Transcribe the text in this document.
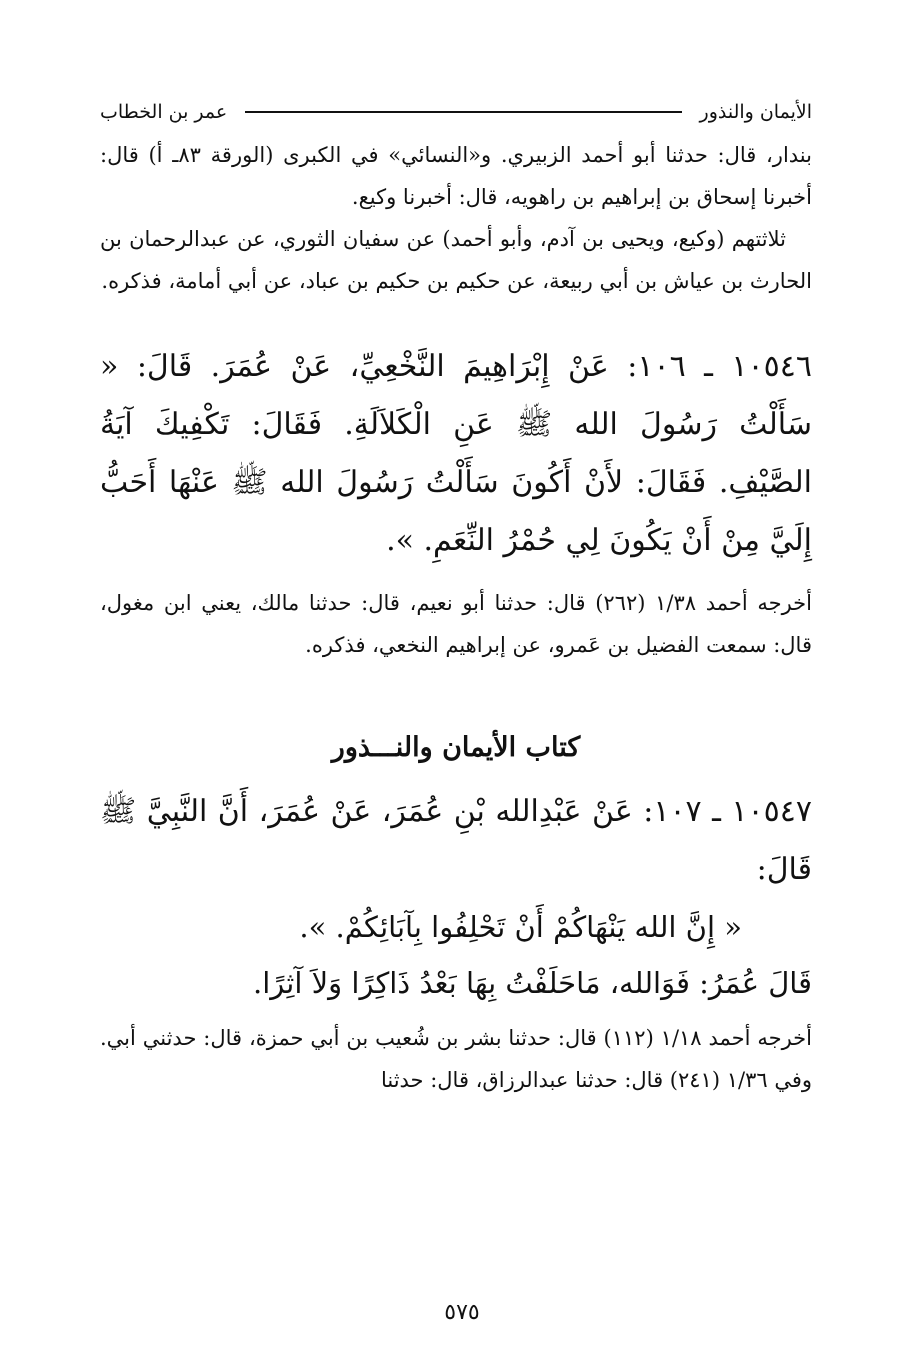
الأيمان والنذور
عمر بن الخطاب

بندار، قال: حدثنا أبو أحمد الزبيري. و«النسائي» في الكبرى (الورقة ٨٣ـ أ) قال: أخبرنا إسحاق بن إبراهيم بن راهويه، قال: أخبرنا وكيع.

ثلاثتهم (وكيع، ويحيى بن آدم، وأبو أحمد) عن سفيان الثوري، عن عبدالرحمان بن الحارث بن عياش بن أبي ربيعة، عن حكيم بن حكيم بن عباد، عن أبي أمامة، فذكره.

١٠٥٤٦ ـ ١٠٦: عَنْ إِبْرَاهِيمَ النَّخْعِيِّ، عَنْ عُمَرَ. قَالَ: « سَأَلْتُ رَسُولَ الله ﷺ عَنِ الْكَلاَلَةِ. فَقَالَ: تَكْفِيكَ آيَةُ الصَّيْفِ. فَقَالَ: لأَنْ أَكُونَ سَأَلْتُ رَسُولَ الله ﷺ عَنْهَا أَحَبُّ إِلَيَّ مِنْ أَنْ يَكُونَ لِي حُمْرُ النِّعَمِ. ».

أخرجه أحمد ١/٣٨ (٢٦٢) قال: حدثنا أبو نعيم، قال: حدثنا مالك، يعني ابن مغول، قال: سمعت الفضيل بن عَمرو، عن إبراهيم النخعي، فذكره.

كتاب الأيمان والنـــذور

١٠٥٤٧ ـ ١٠٧: عَنْ عَبْدِالله بْنِ عُمَرَ، عَنْ عُمَرَ، أَنَّ النَّبِيَّ ﷺ قَالَ:

« إِنَّ الله يَنْهَاكُمْ أَنْ تَحْلِفُوا بِآبَائِكُمْ. ».

قَالَ عُمَرُ: فَوَالله، مَاحَلَفْتُ بِهَا بَعْدُ ذَاكِرًا وَلاَ آثِرًا.

أخرجه أحمد ١/١٨ (١١٢) قال: حدثنا بشر بن شُعيب بن أبي حمزة، قال: حدثني أبي. وفي ١/٣٦ (٢٤١) قال: حدثنا عبدالرزاق، قال: حدثنا

٥٧٥
